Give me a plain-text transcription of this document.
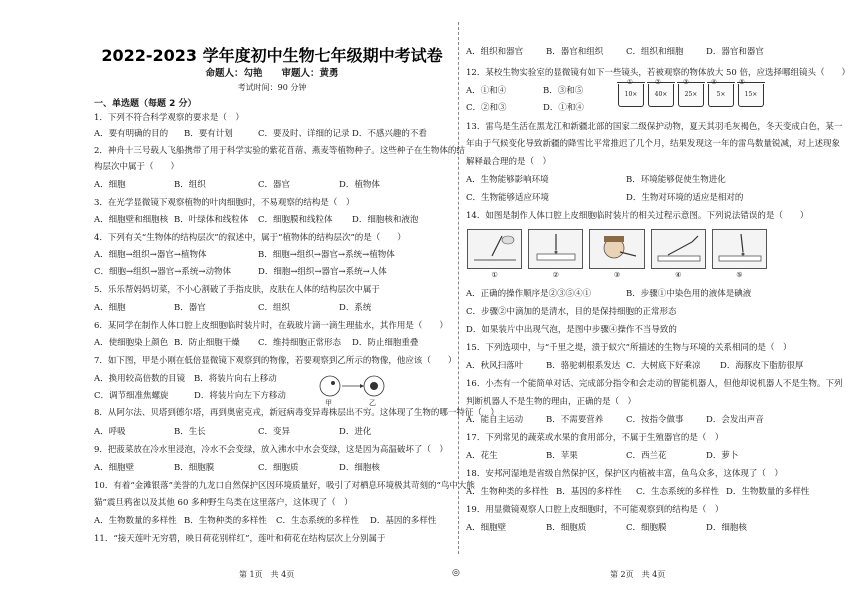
2022-2023 学年度初中生物七年级期中考试卷
命题人：勾艳　　审题人：黄勇
考试时间：90 分钟
一、单选题（每题 2 分）
1．下列不符合科学观察的要求是（　）
A．要有明确的目的 B．要有计划	C．要及时、详细的记录 D．不感兴趣的不看
2．神舟十三号载人飞船携带了用于科学实验的紫花苜蓿、燕麦等植物种子。这些种子在生物体的结
构层次中属于（　　）
A．细胞	B．组织	C．器官	D．植物体
3．在光学显微镜下观察植物的叶肉细胞时，不易观察的结构是（　）
A．细胞壁和细胞核 B．叶绿体和线粒体 C．细胞膜和线粒体 D．细胞核和液泡
4．下列有关“生物体的结构层次”的叙述中，属于“植物体的结构层次”的是（　　）
A．细胞→组织→器官→植物体	B．细胞→组织→器官→系统→植物体
C．细胞→组织→器官→系统→动物体	D．细胞→组织→器官→系统→人体
5．乐乐帮妈妈切菜，不小心割破了手指皮肤，皮肤在人体的结构层次中属于
A．细胞	B．器官	C．组织	D．系统
6．某同学在制作人体口腔上皮细胞临时装片时，在载玻片滴一滴生理盐水，其作用是（　　）
A．使细胞染上颜色 B．防止细胞干燥 C．维持细胞正常形态 D．防止细胞重叠
7．如下图，甲是小刚在低倍显微镜下观察到的物像，若要观察到乙所示的物像，他应该（　　）
A．换用较高倍数的目镜 B．将装片向右上移动
C．调节细准焦螺旋	D．将装片向左下方移动
甲	乙
8．从阿尔法、贝塔到德尔塔，再到奥密克戎，新冠病毒变异毒株层出不穷。这体现了生物的哪一特征（　）
A．呼吸	B．生长	C．变异	D．进化
9．把菠菜放在冷水里浸泡，冷水不会变绿，放入沸水中水会变绿，这是因为高温破坏了（　）
A．细胞壁	B．细胞膜	C．细胞质	D．细胞核
10．有着“金滩银落”美誉的九龙口自然保护区因环境质量好，吸引了对栖息环境极其苛刻的“鸟中大熊
猫”震旦鸦雀以及其他 60 多种野生鸟类在这里落户，这体现了（　）
A．生物数量的多样性 B．生物种类的多样性 C．生态系统的多样性 D．基因的多样性
11．“接天莲叶无穷碧，映日荷花别样红”，莲叶和荷花在结构层次上分别属于
A．组织和器官	B．器官和组织	C．组织和细胞	D．器官和器官
12．某校生物实验室的显微镜有如下一些镜头，若被观察的物体放大 50 倍，应选择哪组镜头（　　）
A．①和④	B．③和⑤
C．②和③	D．①和④
10×	40×	25×	5×	15×
①	②	③	④	⑤
13．雷鸟是生活在黑龙江和新疆北部的国家二级保护动物，夏天其羽毛灰褐色，冬天变成白色，某一
年由于气候变化导致新疆的降雪比平常推迟了几个月，结果发现这一年的雷鸟数量锐减，对上述现象
解释最合理的是（　）
A．生物能够影响环境	B．环境能够促使生物进化
C．生物能够适应环境	D．生物对环境的适应是相对的
14．如图是制作人体口腔上皮细胞临时装片的相关过程示意图。下列说法错误的是（　　）
①	②	③	④	⑤
A．正确的操作顺序是②③⑤④①	B．步骤①中染色用的液体是碘液
C．步骤②中滴加的是清水，目的是保持细胞的正常形态
D．如果装片中出现气泡，是图中步骤④操作不当导致的
15．下列选项中，与“千里之堤，溃于蚁穴”所描述的生物与环境的关系相同的是（　）
A．秋风扫落叶	B．骆驼刺根系发达 C．大树底下好乘凉 D．海豚皮下脂肪很厚
16．小杰有一个能简单对话、完成部分指令和会走动的智能机器人，但他却说机器人不是生物。下列
判断机器人不是生物的理由，正确的是（　）
A．能自主运动	B．不需要营养	C．按指令做事	D．会发出声音
17．下列常见的蔬菜或水果的食用部分，不属于生殖器官的是（　）
A．花生	B．苹果	C．西兰花	D．萝卜
18．安邦河湿地是省级自然保护区，保护区内植被丰富，鱼鸟众多，这体现了（　）
A．生物种类的多样性 B．基因的多样性 C．生态系统的多样性 D．生物数量的多样性
19．用显微镜观察人口腔上皮细胞时，不可能观察到的结构是（　）
A．细胞壁	B．细胞质	C．细胞膜	D．细胞核
第 1页　共 4页	◎	第 2页　共 4页
